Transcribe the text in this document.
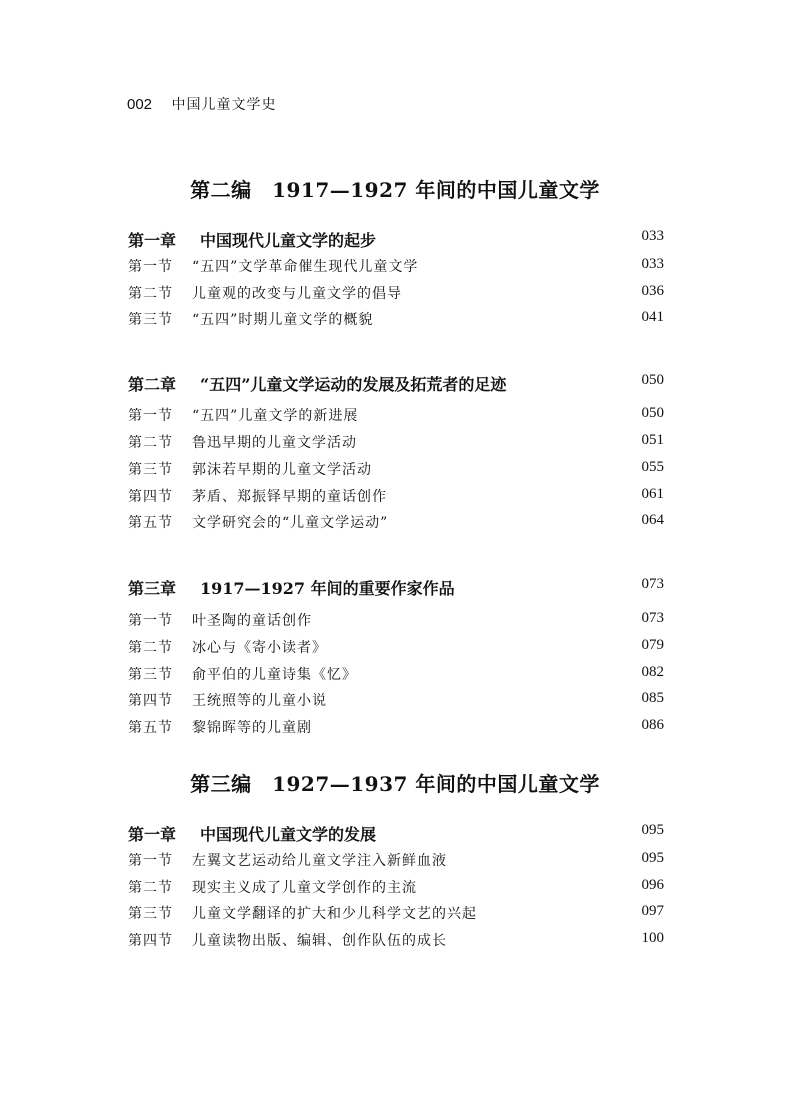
002 中国儿童文学史
第二编　1917—1927 年间的中国儿童文学
第一章 中国现代儿童文学的起步	033
第一节 “五四”文学革命催生现代儿童文学	033
第二节 儿童观的改变与儿童文学的倡导	036
第三节 “五四”时期儿童文学的概貌	041
第二章 “五四”儿童文学运动的发展及拓荒者的足迹	050
第一节 “五四”儿童文学的新进展	050
第二节 鲁迅早期的儿童文学活动	051
第三节 郭沫若早期的儿童文学活动	055
第四节 茅盾、郑振铎早期的童话创作	061
第五节 文学研究会的“儿童文学运动”	064
第三章 1917—1927 年间的重要作家作品	073
第一节 叶圣陶的童话创作	073
第二节 冰心与《寄小读者》	079
第三节 俞平伯的儿童诗集《忆》	082
第四节 王统照等的儿童小说	085
第五节 黎锦晖等的儿童剧	086
第三编　1927—1937 年间的中国儿童文学
第一章 中国现代儿童文学的发展	095
第一节 左翼文艺运动给儿童文学注入新鲜血液	095
第二节 现实主义成了儿童文学创作的主流	096
第三节 儿童文学翻译的扩大和少儿科学文艺的兴起	097
第四节 儿童读物出版、编辑、创作队伍的成长	100
